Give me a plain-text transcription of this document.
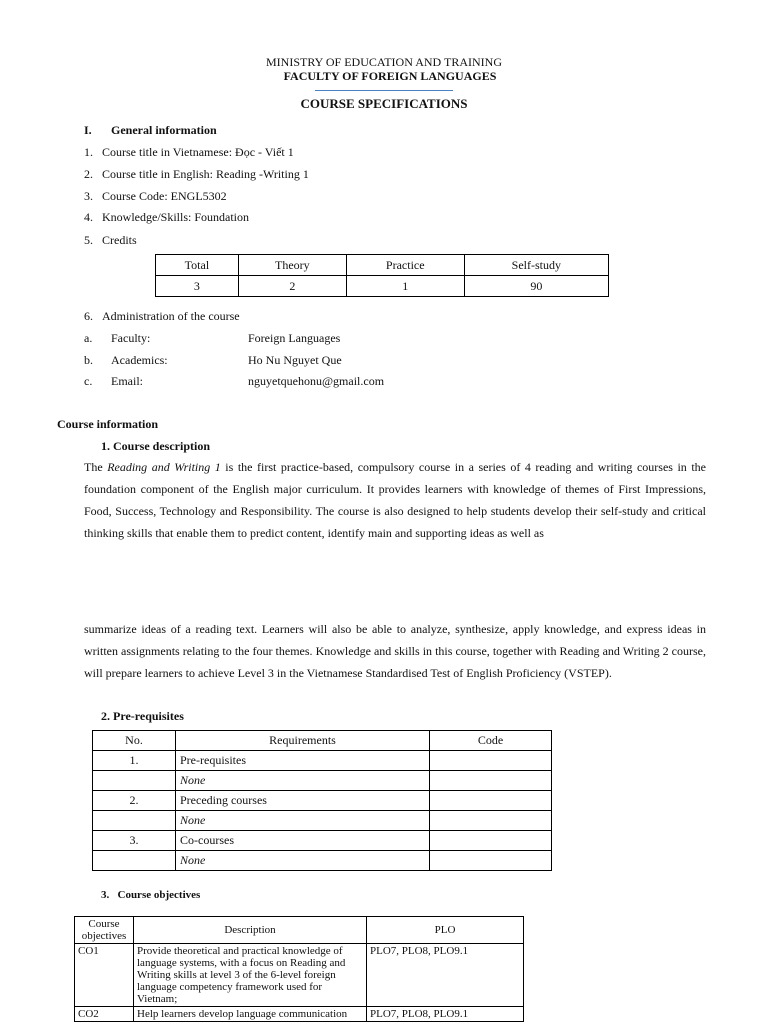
MINISTRY OF EDUCATION AND TRAINING
FACULTY OF FOREIGN LANGUAGES
COURSE SPECIFICATIONS
I. General information
1. Course title in Vietnamese: Đọc - Viết 1
2. Course title in English: Reading -Writing 1
3. Course Code: ENGL5302
4. Knowledge/Skills: Foundation
5. Credits
Total	Theory	Practice	Self-study
3	2	1	90
6. Administration of the course
a. Faculty:	Foreign Languages
b. Academics:	Ho Nu Nguyet Que
c. Email:	nguyetquehonu@gmail.com
Course information
1. Course description
The Reading and Writing 1 is the first practice-based, compulsory course in a series of 4 reading and writing courses in the foundation component of the English major curriculum. It provides learners with knowledge of themes of First Impressions, Food, Success, Technology and Responsibility. The course is also designed to help students develop their self-study and critical thinking skills that enable them to predict content, identify main and supporting ideas as well as
summarize ideas of a reading text. Learners will also be able to analyze, synthesize, apply knowledge, and express ideas in written assignments relating to the four themes. Knowledge and skills in this course, together with Reading and Writing 2 course, will prepare learners to achieve Level 3 in the Vietnamese Standardised Test of English Proficiency (VSTEP).
2. Pre-requisites
No.	Requirements	Code
1.	Pre-requisites	
	None	
2.	Preceding courses	
	None	
3.	Co-courses	
	None	
3.   Course objectives
Course objectives	Description	PLO
CO1	Provide theoretical and practical knowledge of language systems, with a focus on Reading and Writing skills at level 3 of the 6-level foreign language competency framework used for Vietnam;	PLO7, PLO8, PLO9.1
CO2	Help learners develop language communication	PLO7, PLO8, PLO9.1
